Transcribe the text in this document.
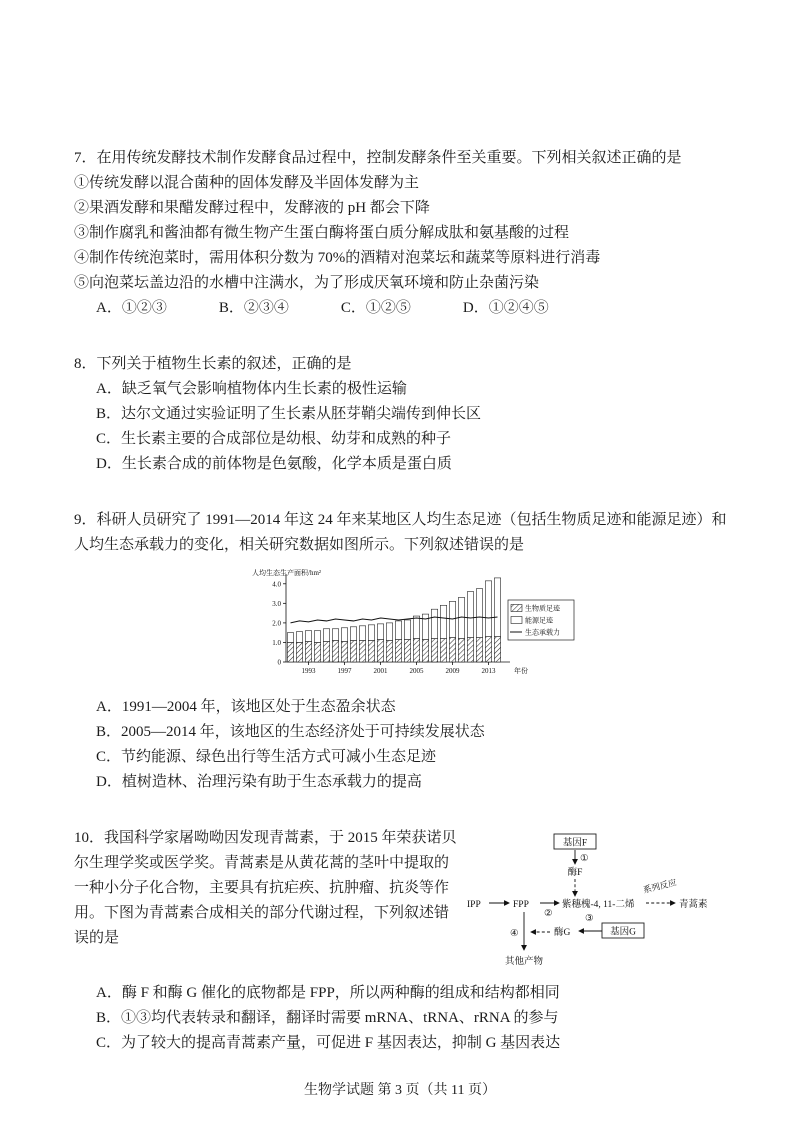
7．在用传统发酵技术制作发酵食品过程中，控制发酵条件至关重要。下列相关叙述正确的是

①传统发酵以混合菌种的固体发酵及半固体发酵为主

②果酒发酵和果醋发酵过程中，发酵液的 pH 都会下降

③制作腐乳和酱油都有微生物产生蛋白酶将蛋白质分解成肽和氨基酸的过程

④制作传统泡菜时，需用体积分数为 70%的酒精对泡菜坛和蔬菜等原料进行消毒

⑤向泡菜坛盖边沿的水槽中注满水，为了形成厌氧环境和防止杂菌污染

A．①②③	B．②③④	C．①②⑤	D．①②④⑤

8．下列关于植物生长素的叙述，正确的是

A．缺乏氧气会影响植物体内生长素的极性运输

B．达尔文通过实验证明了生长素从胚芽鞘尖端传到伸长区

C．生长素主要的合成部位是幼根、幼芽和成熟的种子

D．生长素合成的前体物是色氨酸，化学本质是蛋白质

9．科研人员研究了 1991—2014 年这 24 年来某地区人均生态足迹（包括生物质足迹和能源足迹）和人均生态承载力的变化，相关研究数据如图所示。下列叙述错误的是

0
1.0
2.0
3.0
4.0
1993	1997	2001	2005	2009	2013	年份
人均生态生产面积/hm²
生物质足迹
能源足迹
生态承载力

A．1991—2004 年，该地区处于生态盈余状态

B．2005—2014 年，该地区的生态经济处于可持续发展状态

C．节约能源、绿色出行等生活方式可减小生态足迹

D．植树造林、治理污染有助于生态承载力的提高

10．我国科学家屠呦呦因发现青蒿素，于 2015 年荣获诺贝尔生理学奖或医学奖。青蒿素是从黄花蒿的茎叶中提取的一种小分子化合物，主要具有抗疟疾、抗肿瘤、抗炎等作用。下图为青蒿素合成相关的部分代谢过程，下列叙述错误的是

基因F
①
酶F
IPP	FPP
②
紫穗槐-4, 11-二烯
系列反应
青蒿素
④
其他产物
酶G	基因G
③

A．酶 F 和酶 G 催化的底物都是 FPP，所以两种酶的组成和结构都相同

B．①③均代表转录和翻译，翻译时需要 mRNA、tRNA、rRNA 的参与

C．为了较大的提高青蒿素产量，可促进 F 基因表达，抑制 G 基因表达

生物学试题 第 3 页（共 11 页）
